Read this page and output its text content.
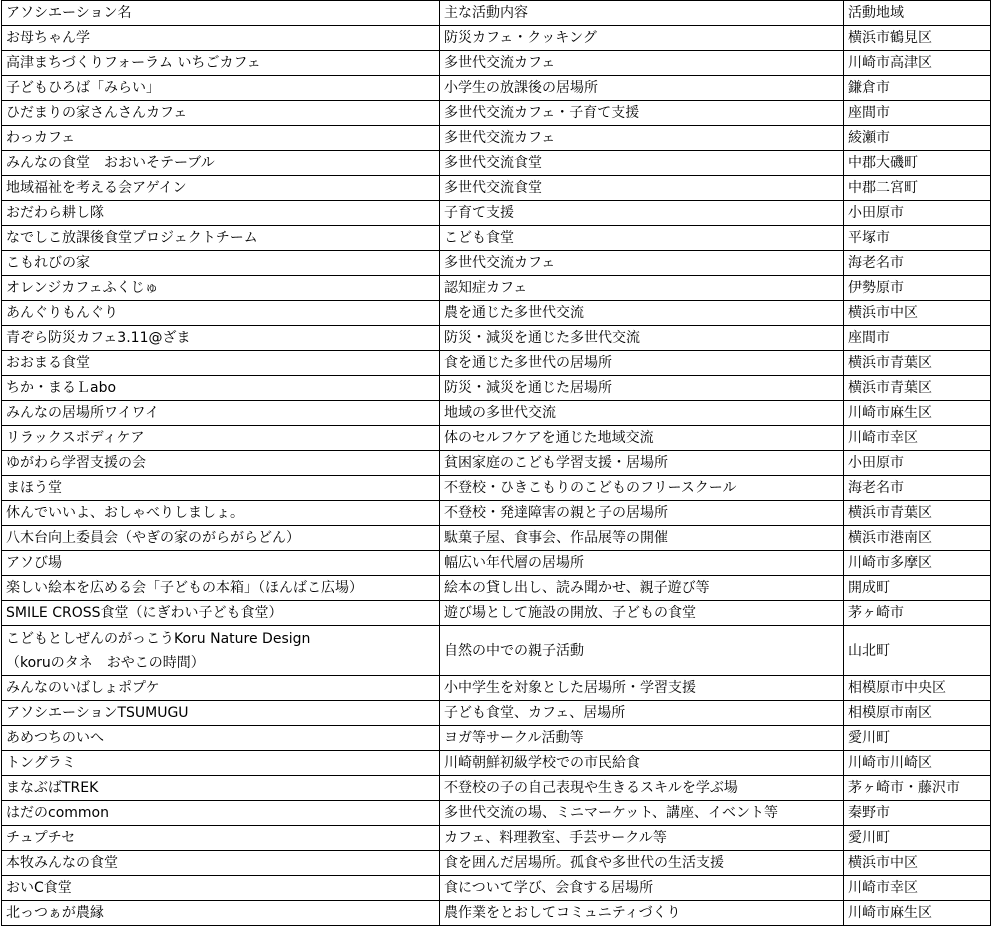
アソシエーション名	主な活動内容	活動地域

お母ちゃん学	防災カフェ・クッキング	横浜市鶴見区

高津まちづくりフォーラム いちごカフェ	多世代交流カフェ	川崎市高津区

子どもひろば「みらい」	小学生の放課後の居場所	鎌倉市

ひだまりの家さんさんカフェ	多世代交流カフェ・子育て支援	座間市

わっカフェ	多世代交流カフェ	綾瀬市

みんなの食堂　おおいそテーブル	多世代交流食堂	中郡大磯町

地域福祉を考える会アゲイン	多世代交流食堂	中郡二宮町

おだわら耕し隊	子育て支援	小田原市

なでしこ放課後食堂プロジェクトチーム	こども食堂	平塚市

こもれびの家	多世代交流カフェ	海老名市

オレンジカフェふくじゅ	認知症カフェ	伊勢原市

あんぐりもんぐり	農を通じた多世代交流	横浜市中区

青ぞら防災カフェ3.11@ざま	防災・減災を通じた多世代交流	座間市

おおまる食堂	食を通じた多世代の居場所	横浜市青葉区

ちか・まるＬabo	防災・減災を通じた居場所	横浜市青葉区

みんなの居場所ワイワイ	地域の多世代交流	川崎市麻生区

リラックスボディケア	体のセルフケアを通じた地域交流	川崎市幸区

ゆがわら学習支援の会	貧困家庭のこども学習支援・居場所	小田原市

まほう堂	不登校・ひきこもりのこどものフリースクール	海老名市

休んでいいよ、おしゃべりしましょ。	不登校・発達障害の親と子の居場所	横浜市青葉区

八木台向上委員会（やぎの家のがらがらどん）	駄菓子屋、食事会、作品展等の開催	横浜市港南区

アソび場	幅広い年代層の居場所	川崎市多摩区

楽しい絵本を広める会「子どもの本箱」（ほんばこ広場）	絵本の貸し出し、読み聞かせ、親子遊び等	開成町

SMILE CROSS食堂（にぎわい子ども食堂）	遊び場として施設の開放、子どもの食堂	茅ヶ崎市

こどもとしぜんのがっこうKoru Nature Design
（koruのタネ　おやこの時間）	自然の中での親子活動	山北町

みんなのいばしょポプケ	小中学生を対象とした居場所・学習支援	相模原市中央区

アソシエーションTSUMUGU	子ども食堂、カフェ、居場所	相模原市南区

あめつちのいへ	ヨガ等サークル活動等	愛川町

トングラミ	川崎朝鮮初級学校での市民給食	川崎市川崎区

まなぶばTREK	不登校の子の自己表現や生きるスキルを学ぶ場	茅ヶ崎市・藤沢市

はだのcommon	多世代交流の場、ミニマーケット、講座、イベント等	秦野市

チュプチセ	カフェ、料理教室、手芸サークル等	愛川町

本牧みんなの食堂	食を囲んだ居場所。孤食や多世代の生活支援	横浜市中区

おいC食堂	食について学び、会食する居場所	川崎市幸区

北っつぁが農縁	農作業をとおしてコミュニティづくり	川崎市麻生区
